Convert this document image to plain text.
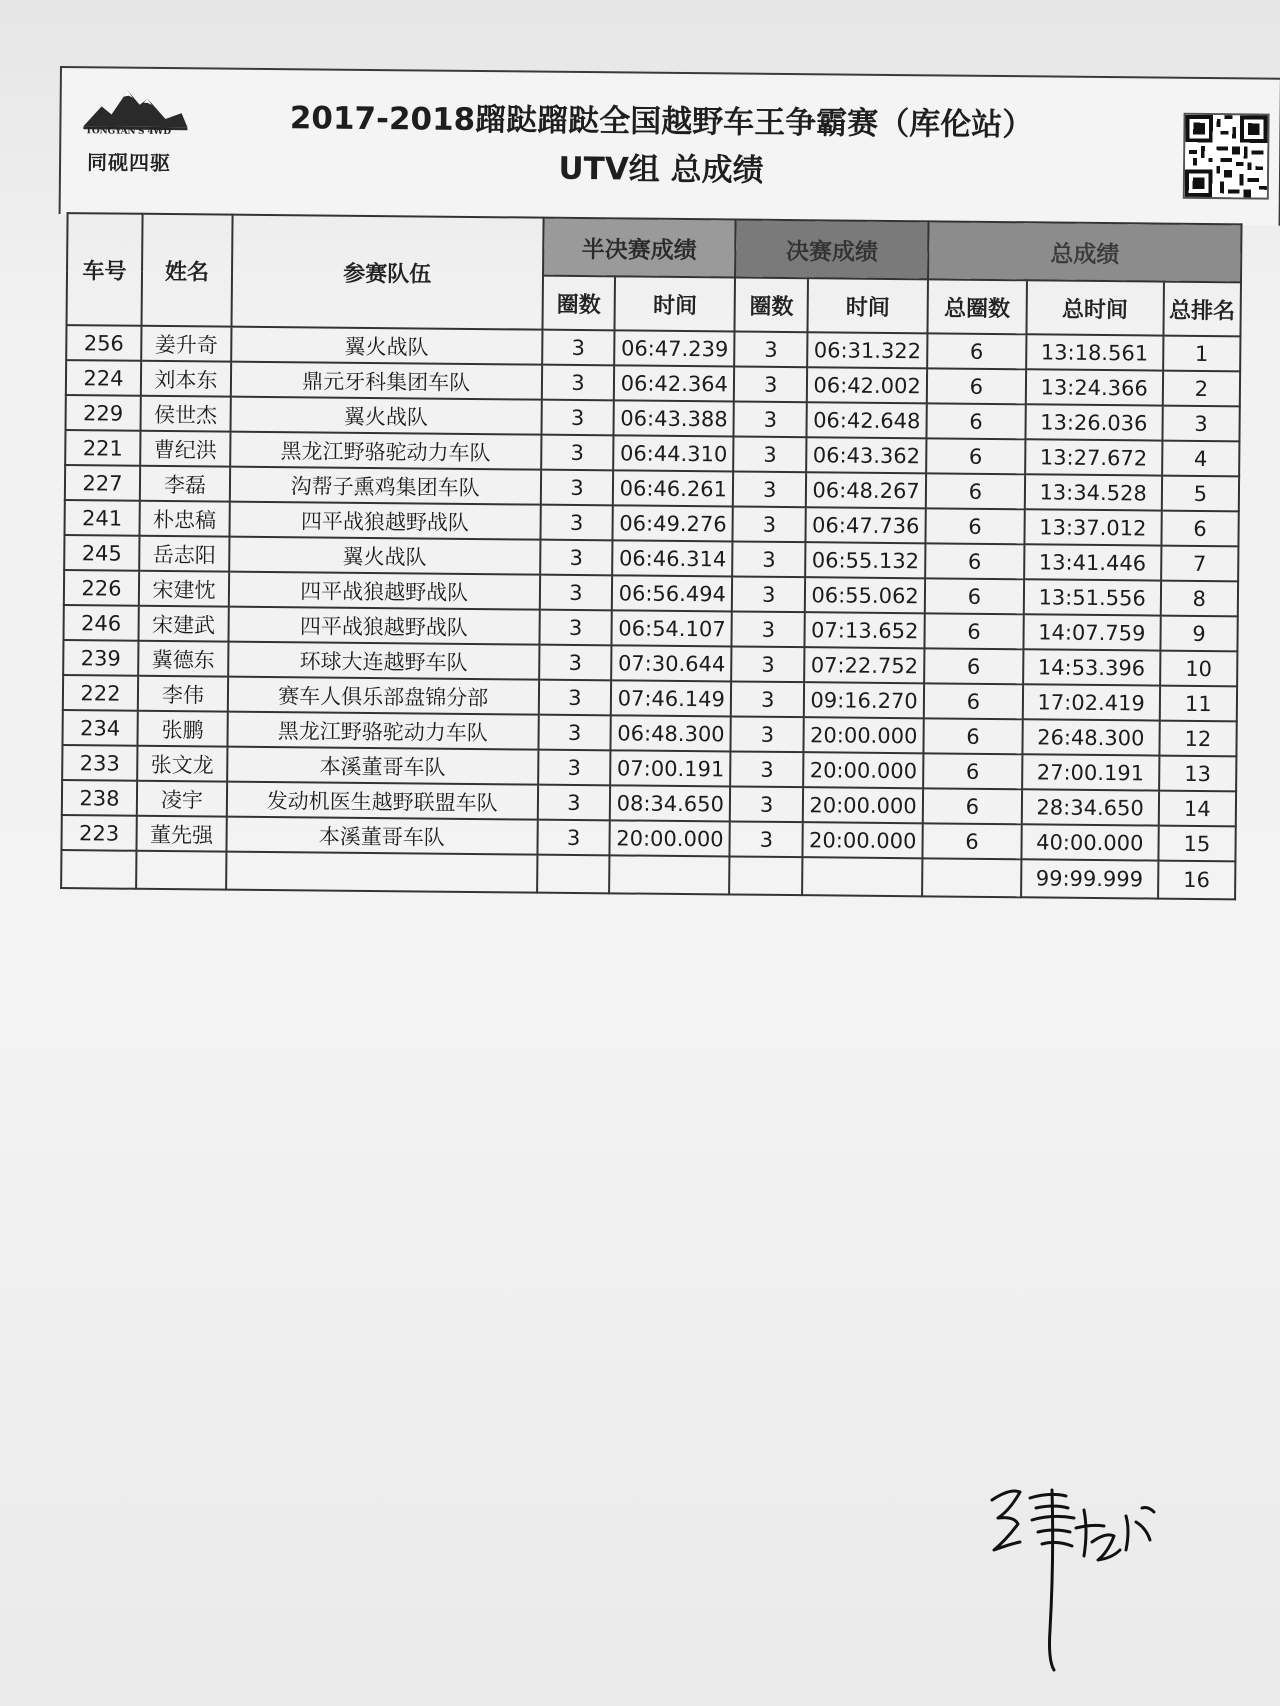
TONGYAN'S 4WD
同砚四驱
2017-2018蹓跶蹓跶全国越野车王争霸赛（库伦站）
UTV组 总成绩
车号	姓名	参赛队伍	半决赛成绩		决赛成绩		总成绩		
			圈数	时间	圈数	时间	总圈数	总时间	总排名
256	姜升奇	翼火战队	3	06:47.239	3	06:31.322	6	13:18.561	1
224	刘本东	鼎元牙科集团车队	3	06:42.364	3	06:42.002	6	13:24.366	2
229	侯世杰	翼火战队	3	06:43.388	3	06:42.648	6	13:26.036	3
221	曹纪洪	黑龙江野骆驼动力车队	3	06:44.310	3	06:43.362	6	13:27.672	4
227	李磊	沟帮子熏鸡集团车队	3	06:46.261	3	06:48.267	6	13:34.528	5
241	朴忠稿	四平战狼越野战队	3	06:49.276	3	06:47.736	6	13:37.012	6
245	岳志阳	翼火战队	3	06:46.314	3	06:55.132	6	13:41.446	7
226	宋建忱	四平战狼越野战队	3	06:56.494	3	06:55.062	6	13:51.556	8
246	宋建武	四平战狼越野战队	3	06:54.107	3	07:13.652	6	14:07.759	9
239	冀德东	环球大连越野车队	3	07:30.644	3	07:22.752	6	14:53.396	10
222	李伟	赛车人俱乐部盘锦分部	3	07:46.149	3	09:16.270	6	17:02.419	11
234	张鹏	黑龙江野骆驼动力车队	3	06:48.300	3	20:00.000	6	26:48.300	12
233	张文龙	本溪董哥车队	3	07:00.191	3	20:00.000	6	27:00.191	13
238	凌宇	发动机医生越野联盟车队	3	08:34.650	3	20:00.000	6	28:34.650	14
223	董先强	本溪董哥车队	3	20:00.000	3	20:00.000	6	40:00.000	15
								99:99.999	16
